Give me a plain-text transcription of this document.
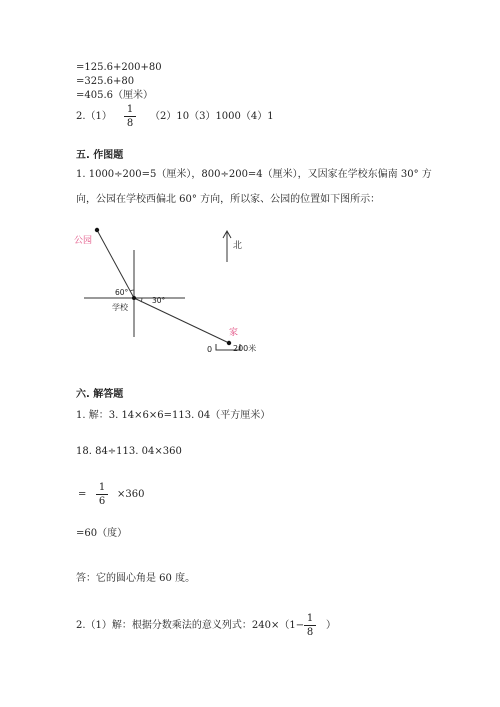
=125.6+200+80
=325.6+80
=405.6（厘米）
2.（1）
1
8
（2）10（3）1000（4）1
五. 作图题
1. 1000÷200=5（厘米），800÷200=4（厘米），又因家在学校东偏南 30° 方
向，公园在学校西偏北 60° 方向，所以家、公园的位置如下图所示：
公园	北
60°
30°
学校
家
0	200米
六. 解答题
1. 解：3. 14×6×6=113. 04（平方厘米）
18. 84÷113. 04×360
=
1
6
×360
=60（度）
答：它的圆心角是 60 度。
2.（1）解：根据分数乘法的意义列式：240×（1−
1
8
）
